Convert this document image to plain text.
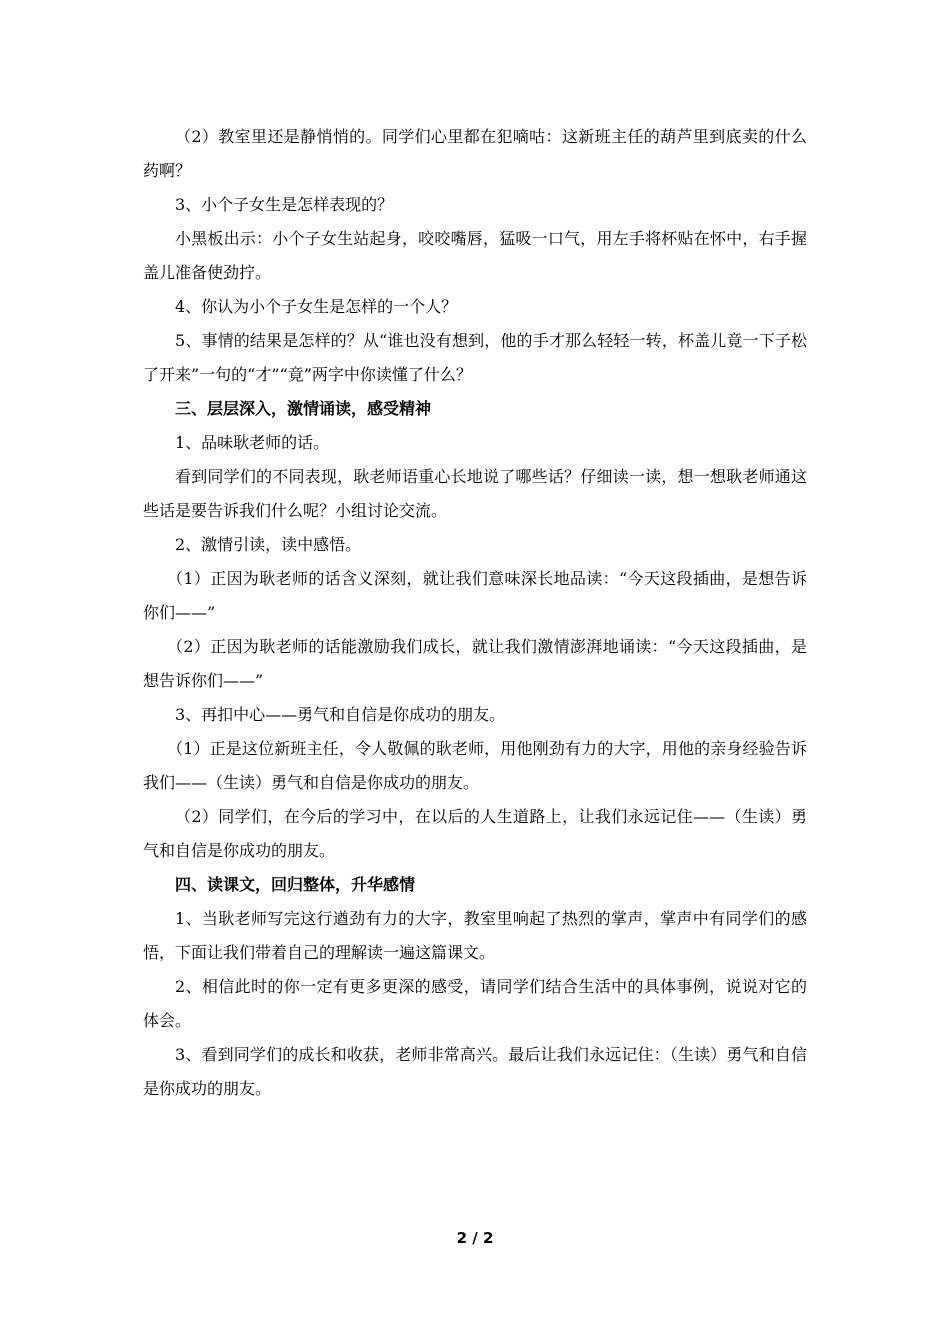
（2）教室里还是静悄悄的。同学们心里都在犯嘀咕：这新班主任的葫芦里到底卖的什么药啊？

3、小个子女生是怎样表现的？

小黑板出示：小个子女生站起身，咬咬嘴唇，猛吸一口气，用左手将杯贴在怀中，右手握盖儿准备使劲拧。

4、你认为小个子女生是怎样的一个人？

5、事情的结果是怎样的？从“谁也没有想到，他的手才那么轻轻一转，杯盖儿竟一下子松了开来”一句的“才”“竟”两字中你读懂了什么？

三、层层深入，激情诵读，感受精神

1、品味耿老师的话。

看到同学们的不同表现，耿老师语重心长地说了哪些话？仔细读一读，想一想耿老师通这些话是要告诉我们什么呢？小组讨论交流。

2、激情引读，读中感悟。

（1）正因为耿老师的话含义深刻，就让我们意味深长地品读：“今天这段插曲，是想告诉你们——”

（2）正因为耿老师的话能激励我们成长，就让我们激情澎湃地诵读：“今天这段插曲，是想告诉你们——”

3、再扣中心——勇气和自信是你成功的朋友。

（1）正是这位新班主任，令人敬佩的耿老师，用他刚劲有力的大字，用他的亲身经验告诉我们——（生读）勇气和自信是你成功的朋友。

（2）同学们，在今后的学习中，在以后的人生道路上，让我们永远记住——（生读）勇气和自信是你成功的朋友。

四、读课文，回归整体，升华感情

1、当耿老师写完这行遒劲有力的大字，教室里响起了热烈的掌声，掌声中有同学们的感悟，下面让我们带着自己的理解读一遍这篇课文。

2、相信此时的你一定有更多更深的感受，请同学们结合生活中的具体事例，说说对它的体会。

3、看到同学们的成长和收获，老师非常高兴。最后让我们永远记住：（生读）勇气和自信是你成功的朋友。

2 / 2
